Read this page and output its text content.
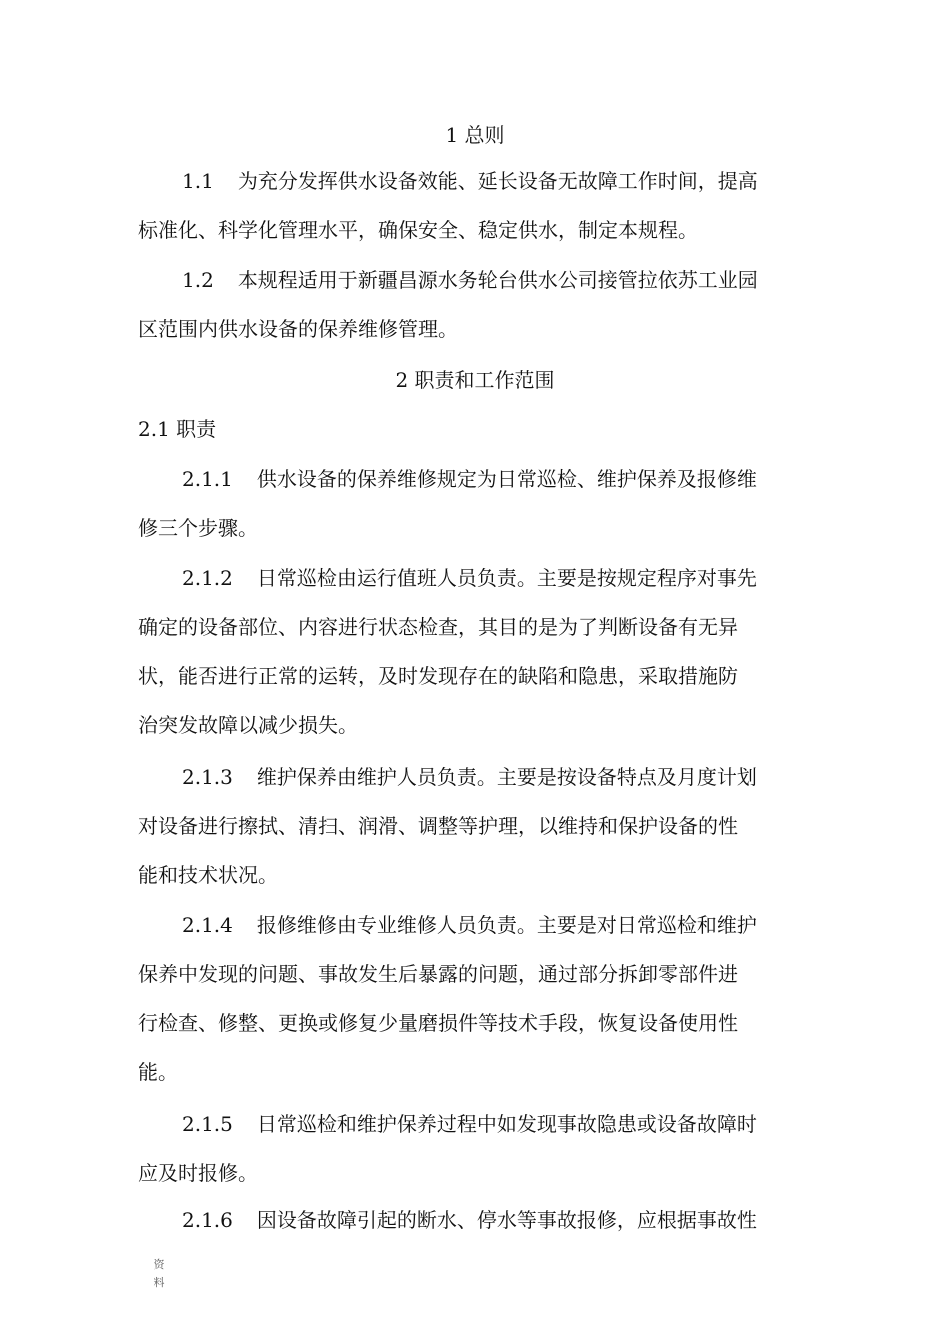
1 总则

1.1 为充分发挥供水设备效能、延长设备无故障工作时间，提高

标准化、科学化管理水平，确保安全、稳定供水，制定本规程。

1.2 本规程适用于新疆昌源水务轮台供水公司接管拉依苏工业园

区范围内供水设备的保养维修管理。

2 职责和工作范围

2.1 职责

2.1.1 供水设备的保养维修规定为日常巡检、维护保养及报修维

修三个步骤。

2.1.2 日常巡检由运行值班人员负责。主要是按规定程序对事先

确定的设备部位、内容进行状态检查，其目的是为了判断设备有无异

状，能否进行正常的运转，及时发现存在的缺陷和隐患，采取措施防

治突发故障以减少损失。

2.1.3 维护保养由维护人员负责。主要是按设备特点及月度计划

对设备进行擦拭、清扫、润滑、调整等护理，以维持和保护设备的性

能和技术状况。

2.1.4 报修维修由专业维修人员负责。主要是对日常巡检和维护

保养中发现的问题、事故发生后暴露的问题，通过部分拆卸零部件进

行检查、修整、更换或修复少量磨损件等技术手段，恢复设备使用性

能。

2.1.5 日常巡检和维护保养过程中如发现事故隐患或设备故障时

应及时报修。

2.1.6 因设备故障引起的断水、停水等事故报修，应根据事故性

资
料
